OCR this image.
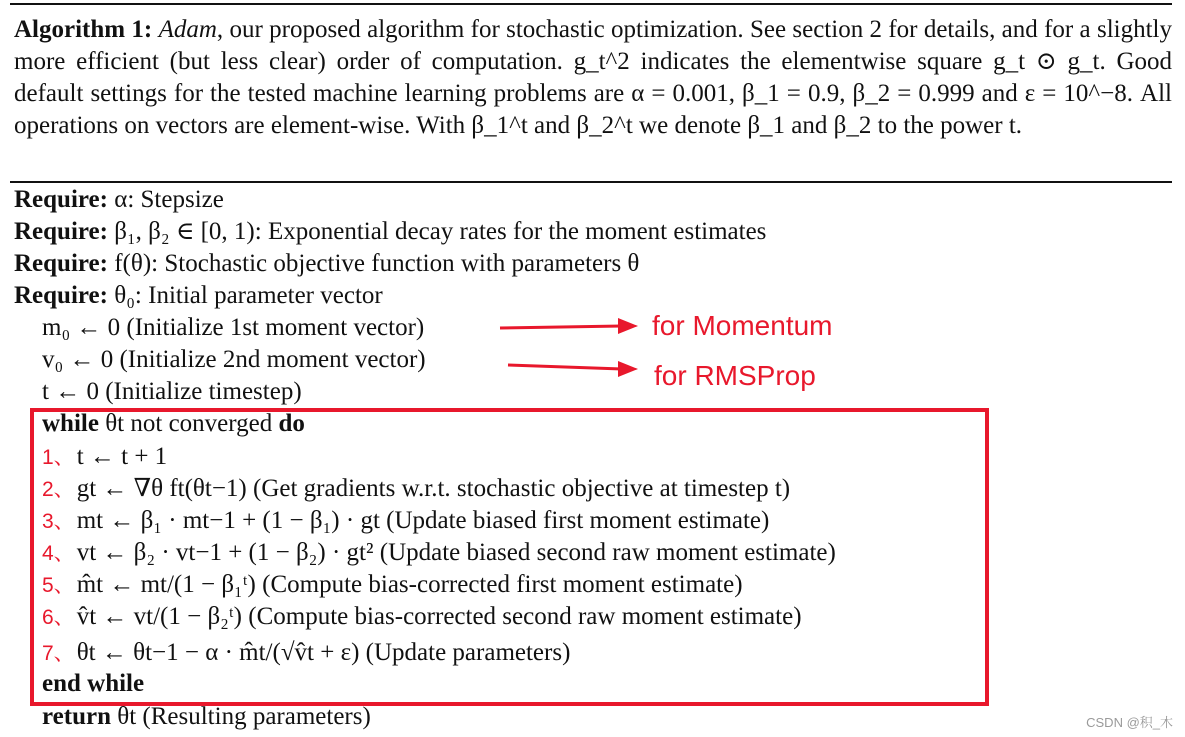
Algorithm 1: Adam, our proposed algorithm for stochastic optimization. See section 2 for details, and for a slightly more efficient (but less clear) order of computation. g_t^2 indicates the elementwise square g_t ⊙ g_t. Good default settings for the tested machine learning problems are α = 0.001, β_1 = 0.9, β_2 = 0.999 and ε = 10^−8. All operations on vectors are element-wise. With β_1^t and β_2^t we denote β_1 and β_2 to the power t.
Require: α: Stepsize
Require: β₁, β₂ ∈ [0, 1): Exponential decay rates for the moment estimates
Require: f(θ): Stochastic objective function with parameters θ
Require: θ₀: Initial parameter vector
m₀ ← 0 (Initialize 1st moment vector)
v₀ ← 0 (Initialize 2nd moment vector)
t ← 0 (Initialize timestep)
for Momentum
for RMSProp
while θt not converged do
1、t ← t + 1
2、gt ← ∇θ ft(θt−1) (Get gradients w.r.t. stochastic objective at timestep t)
3、mt ← β₁ · mt−1 + (1 − β₁) · gt (Update biased first moment estimate)
4、vt ← β₂ · vt−1 + (1 − β₂) · gt² (Update biased second raw moment estimate)
5、m̂t ← mt/(1 − β₁ᵗ) (Compute bias-corrected first moment estimate)
6、v̂t ← vt/(1 − β₂ᵗ) (Compute bias-corrected second raw moment estimate)
7、θt ← θt−1 − α · m̂t/(√v̂t + ε) (Update parameters)
end while
return θt (Resulting parameters)	CSDN @积_木
